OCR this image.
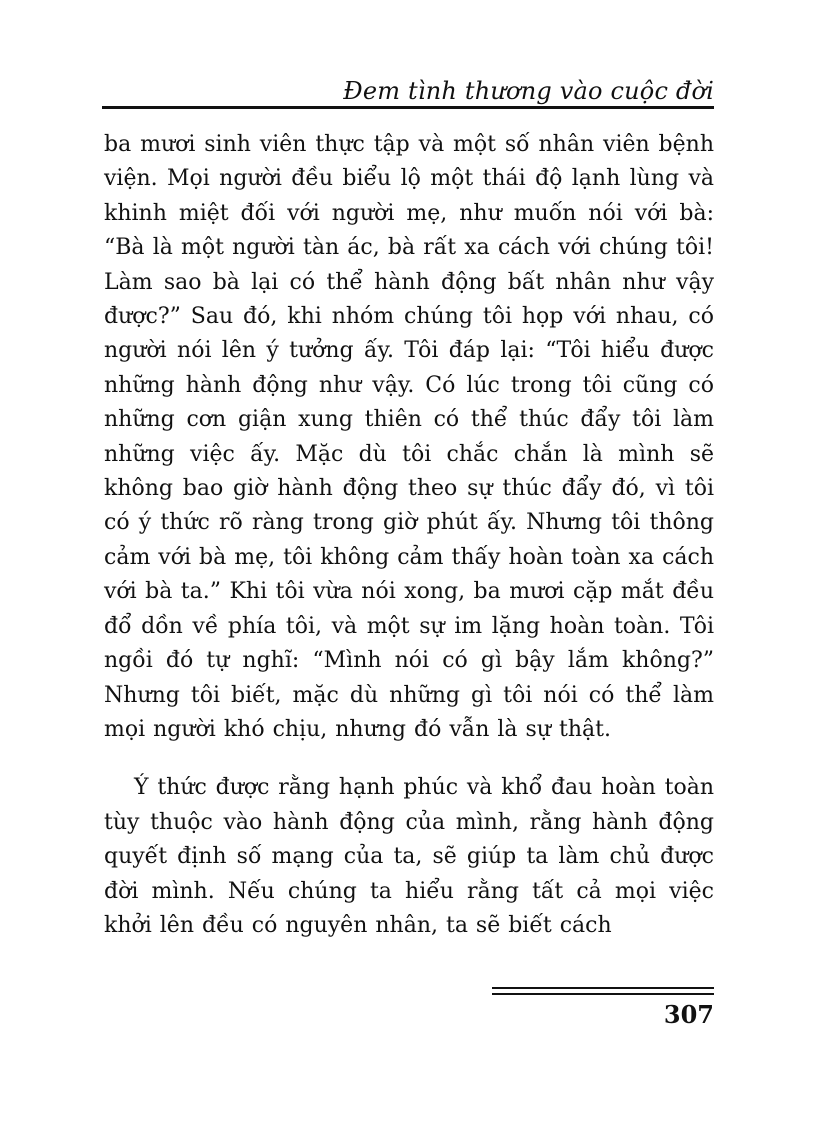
Đem tình thương vào cuộc đời

ba mươi sinh viên thực tập và một số nhân viên bệnh viện. Mọi người đều biểu lộ một thái độ lạnh lùng và khinh miệt đối với người mẹ, như muốn nói với bà: “Bà là một người tàn ác, bà rất xa cách với chúng tôi! Làm sao bà lại có thể hành động bất nhân như vậy được?” Sau đó, khi nhóm chúng tôi họp với nhau, có người nói lên ý tưởng ấy. Tôi đáp lại: “Tôi hiểu được những hành động như vậy. Có lúc trong tôi cũng có những cơn giận xung thiên có thể thúc đẩy tôi làm những việc ấy. Mặc dù tôi chắc chắn là mình sẽ không bao giờ hành động theo sự thúc đẩy đó, vì tôi có ý thức rõ ràng trong giờ phút ấy. Nhưng tôi thông cảm với bà mẹ, tôi không cảm thấy hoàn toàn xa cách với bà ta.” Khi tôi vừa nói xong, ba mươi cặp mắt đều đổ dồn về phía tôi, và một sự im lặng hoàn toàn. Tôi ngồi đó tự nghĩ: “Mình nói có gì bậy lắm không?” Nhưng tôi biết, mặc dù những gì tôi nói có thể làm mọi người khó chịu, nhưng đó vẫn là sự thật.

Ý thức được rằng hạnh phúc và khổ đau hoàn toàn tùy thuộc vào hành động của mình, rằng hành động quyết định số mạng của ta, sẽ giúp ta làm chủ được đời mình. Nếu chúng ta hiểu rằng tất cả mọi việc khởi lên đều có nguyên nhân, ta sẽ biết cách

307
